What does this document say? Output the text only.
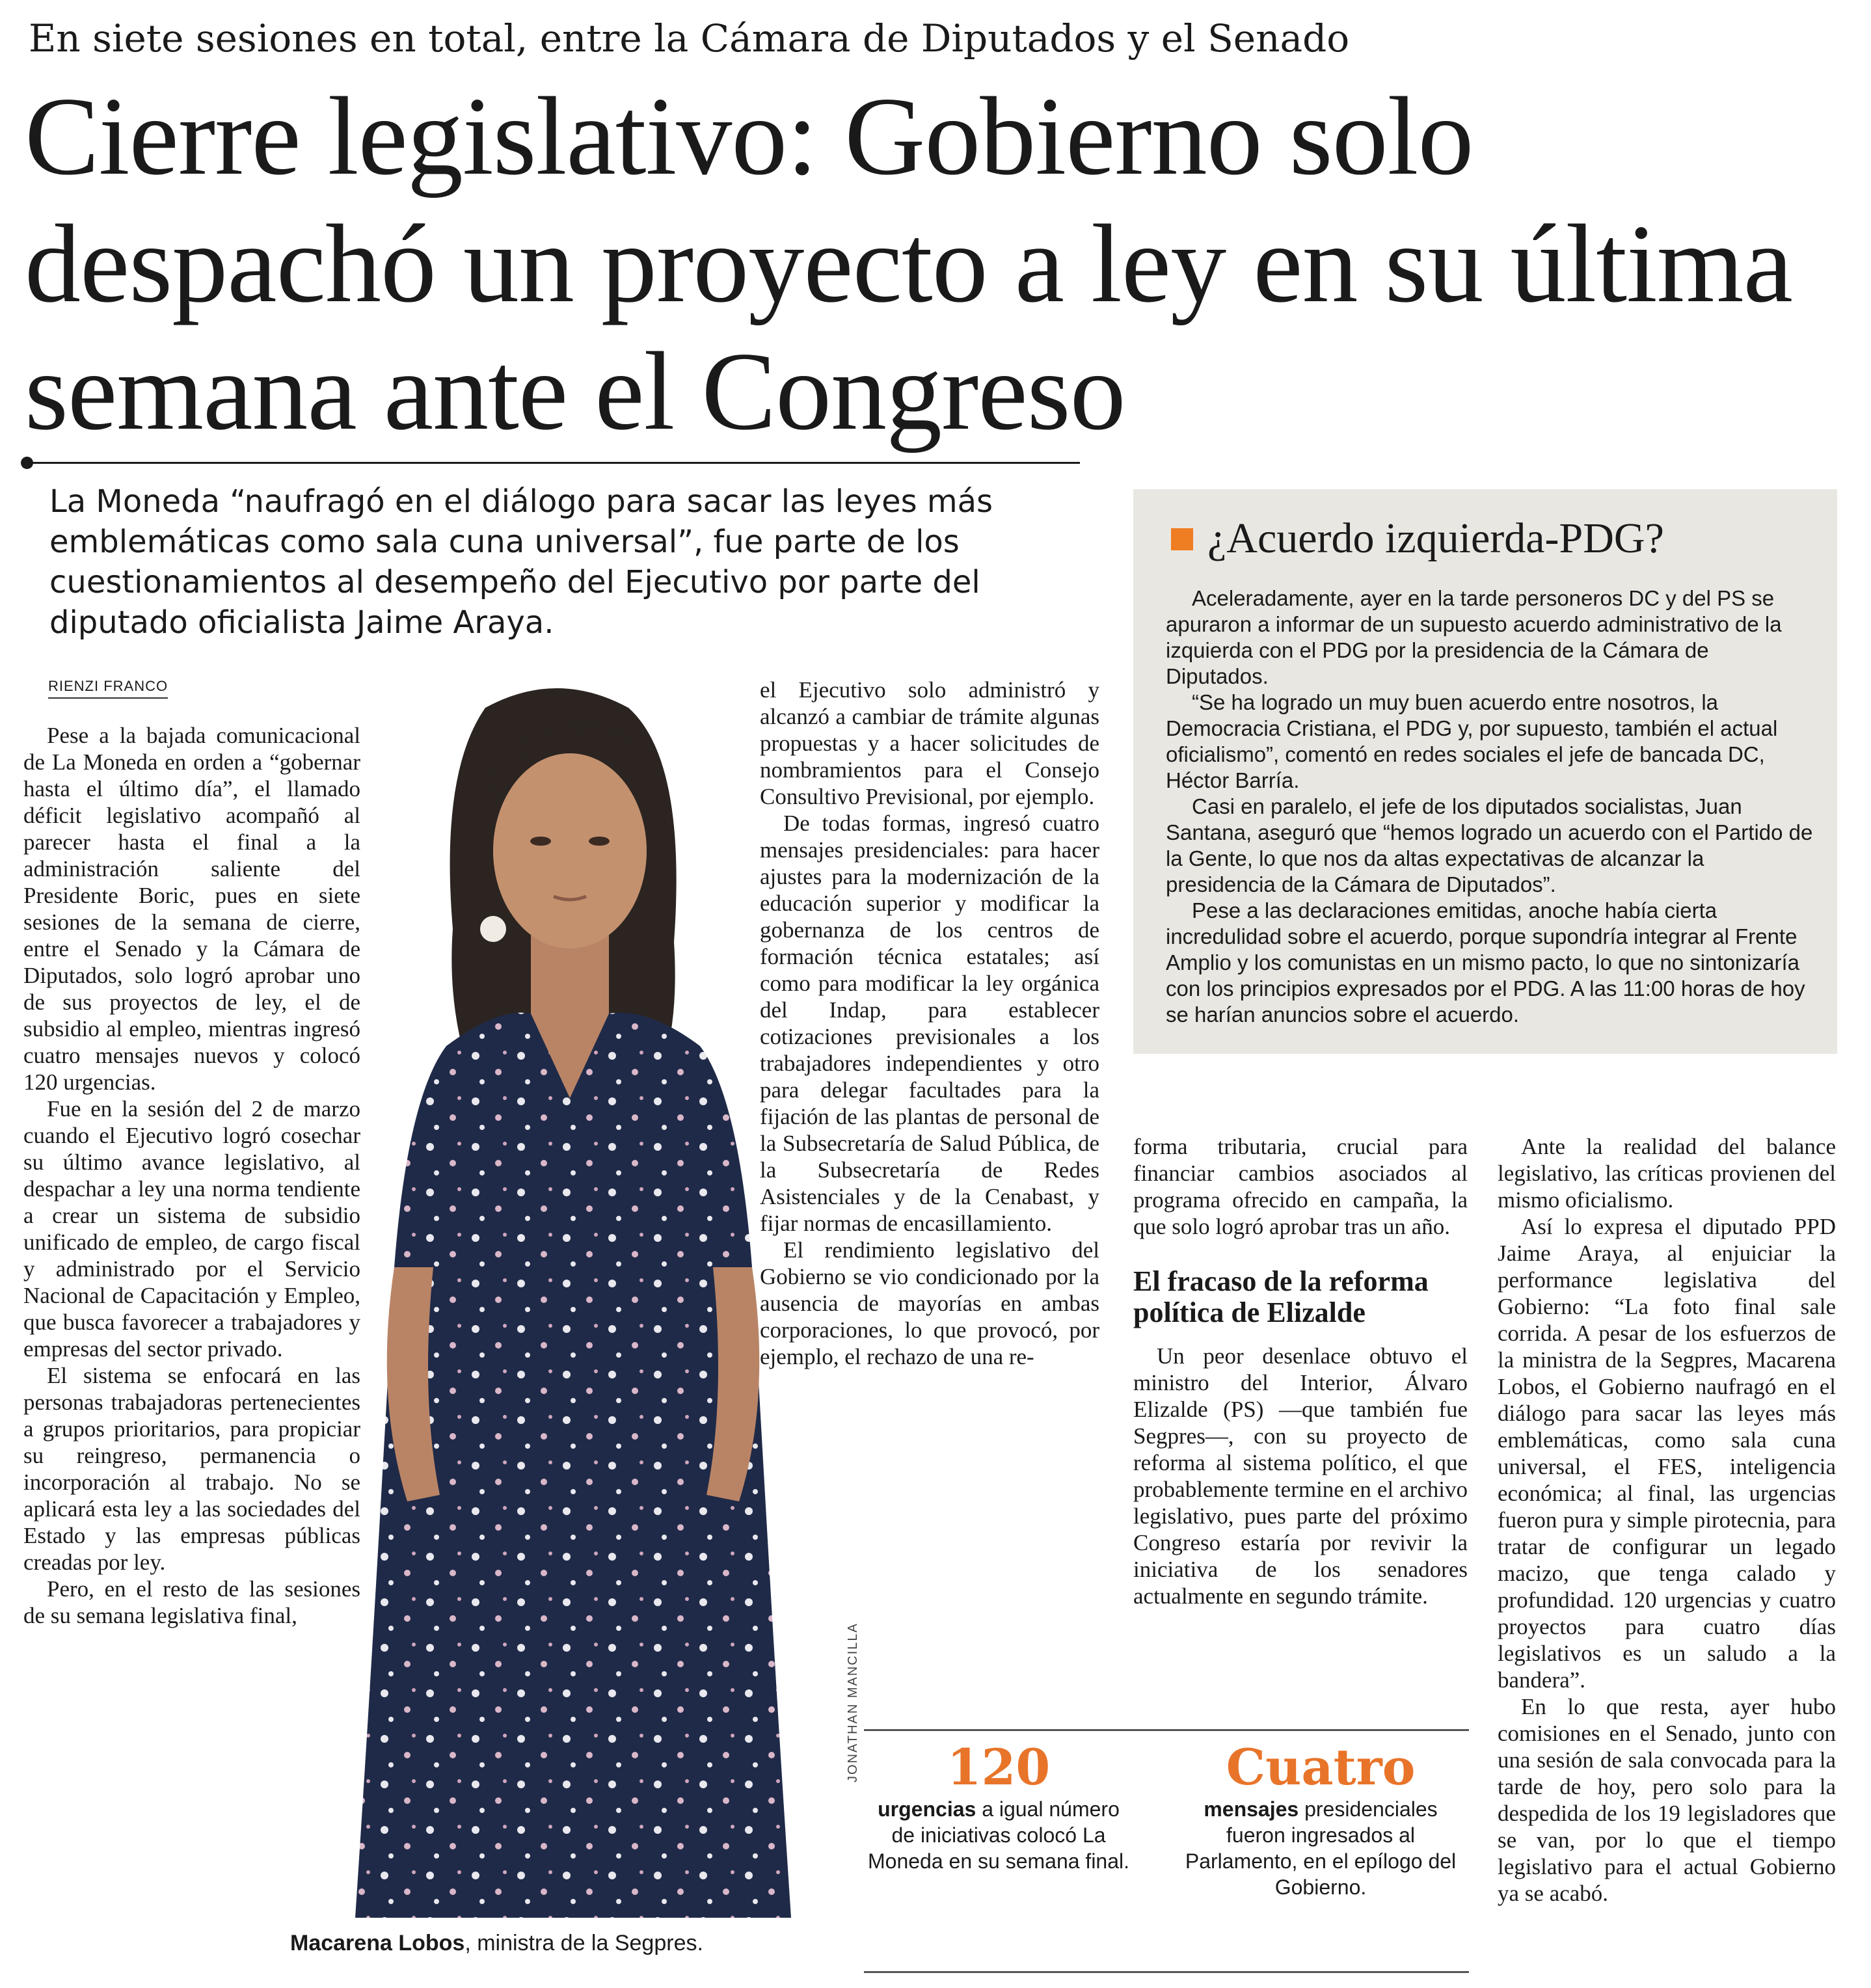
En siete sesiones en total, entre la Cámara de Diputados y el Senado
Cierre legislativo: Gobierno solo despachó un proyecto a ley en su última semana ante el Congreso
La Moneda “naufragó en el diálogo para sacar las leyes más emblemáticas como sala cuna universal”, fue parte de los cuestionamientos al desempeño del Ejecutivo por parte del diputado oficialista Jaime Araya.
RIENZI FRANCO

Pese a la bajada comunicacional de La Moneda en orden a “gobernar hasta el último día”, el llamado déficit legislativo acompañó al parecer hasta el final a la administración saliente del Presidente Boric, pues en siete sesiones de la semana de cierre, entre el Senado y la Cámara de Diputados, solo logró aprobar uno de sus proyectos de ley, el de subsidio al empleo, mientras ingresó cuatro mensajes nuevos y colocó 120 urgencias.

Fue en la sesión del 2 de marzo cuando el Ejecutivo logró cosechar su último avance legislativo, al despachar a ley una norma tendiente a crear un sistema de subsidio unificado de empleo, de cargo fiscal y administrado por el Servicio Nacional de Capacitación y Empleo, que busca favorecer a trabajadores y empresas del sector privado.

El sistema se enfocará en las personas trabajadoras pertenecientes a grupos prioritarios, para propiciar su reingreso, permanencia o incorporación al trabajo. No se aplicará esta ley a las sociedades del Estado y las empresas públicas creadas por ley.

Pero, en el resto de las sesiones de su semana legislativa final,

JONATHAN MANCILLA
Macarena Lobos, ministra de la Segpres.

el Ejecutivo solo administró y alcanzó a cambiar de trámite algunas propuestas y a hacer solicitudes de nombramientos para el Consejo Consultivo Previsional, por ejemplo.

De todas formas, ingresó cuatro mensajes presidenciales: para hacer ajustes para la modernización de la educación superior y modificar la gobernanza de los centros de formación técnica estatales; así como para modificar la ley orgánica del Indap, para establecer cotizaciones previsionales a los trabajadores independientes y otro para delegar facultades para la fijación de las plantas de personal de la Subsecretaría de Salud Pública, de la Subsecretaría de Redes Asistenciales y de la Cenabast, y fijar normas de encasillamiento.

El rendimiento legislativo del Gobierno se vio condicionado por la ausencia de mayorías en ambas corporaciones, lo que provocó, por ejemplo, el rechazo de una re-

¿Acuerdo izquierda-PDG?

Aceleradamente, ayer en la tarde personeros DC y del PS se apuraron a informar de un supuesto acuerdo administrativo de la izquierda con el PDG por la presidencia de la Cámara de Diputados.

“Se ha logrado un muy buen acuerdo entre nosotros, la Democracia Cristiana, el PDG y, por supuesto, también el actual oficialismo”, comentó en redes sociales el jefe de bancada DC, Héctor Barría.

Casi en paralelo, el jefe de los diputados socialistas, Juan Santana, aseguró que “hemos logrado un acuerdo con el Partido de la Gente, lo que nos da altas expectativas de alcanzar la presidencia de la Cámara de Diputados”.

Pese a las declaraciones emitidas, anoche había cierta incredulidad sobre el acuerdo, porque supondría integrar al Frente Amplio y los comunistas en un mismo pacto, lo que no sintonizaría con los principios expresados por el PDG. A las 11:00 horas de hoy se harían anuncios sobre el acuerdo.

forma tributaria, crucial para financiar cambios asociados al programa ofrecido en campaña, la que solo logró aprobar tras un año.

El fracaso de la reforma política de Elizalde

Un peor desenlace obtuvo el ministro del Interior, Álvaro Elizalde (PS) —que también fue Segpres—, con su proyecto de reforma al sistema político, el que probablemente termine en el archivo legislativo, pues parte del próximo Congreso estaría por revivir la iniciativa de los senadores actualmente en segundo trámite.

Ante la realidad del balance legislativo, las críticas provienen del mismo oficialismo.

Así lo expresa el diputado PPD Jaime Araya, al enjuiciar la performance legislativa del Gobierno: “La foto final sale corrida. A pesar de los esfuerzos de la ministra de la Segpres, Macarena Lobos, el Gobierno naufragó en el diálogo para sacar las leyes más emblemáticas, como sala cuna universal, el FES, inteligencia económica; al final, las urgencias fueron pura y simple pirotecnia, para tratar de configurar un legado macizo, que tenga calado y profundidad. 120 urgencias y cuatro proyectos para cuatro días legislativos es un saludo a la bandera”.

En lo que resta, ayer hubo comisiones en el Senado, junto con una sesión de sala convocada para la tarde de hoy, pero solo para la despedida de los 19 legisladores que se van, por lo que el tiempo legislativo para el actual Gobierno ya se acabó.

120
urgencias a igual número de iniciativas colocó La Moneda en su semana final.
Cuatro
mensajes presidenciales fueron ingresados al Parlamento, en el epílogo del Gobierno.
